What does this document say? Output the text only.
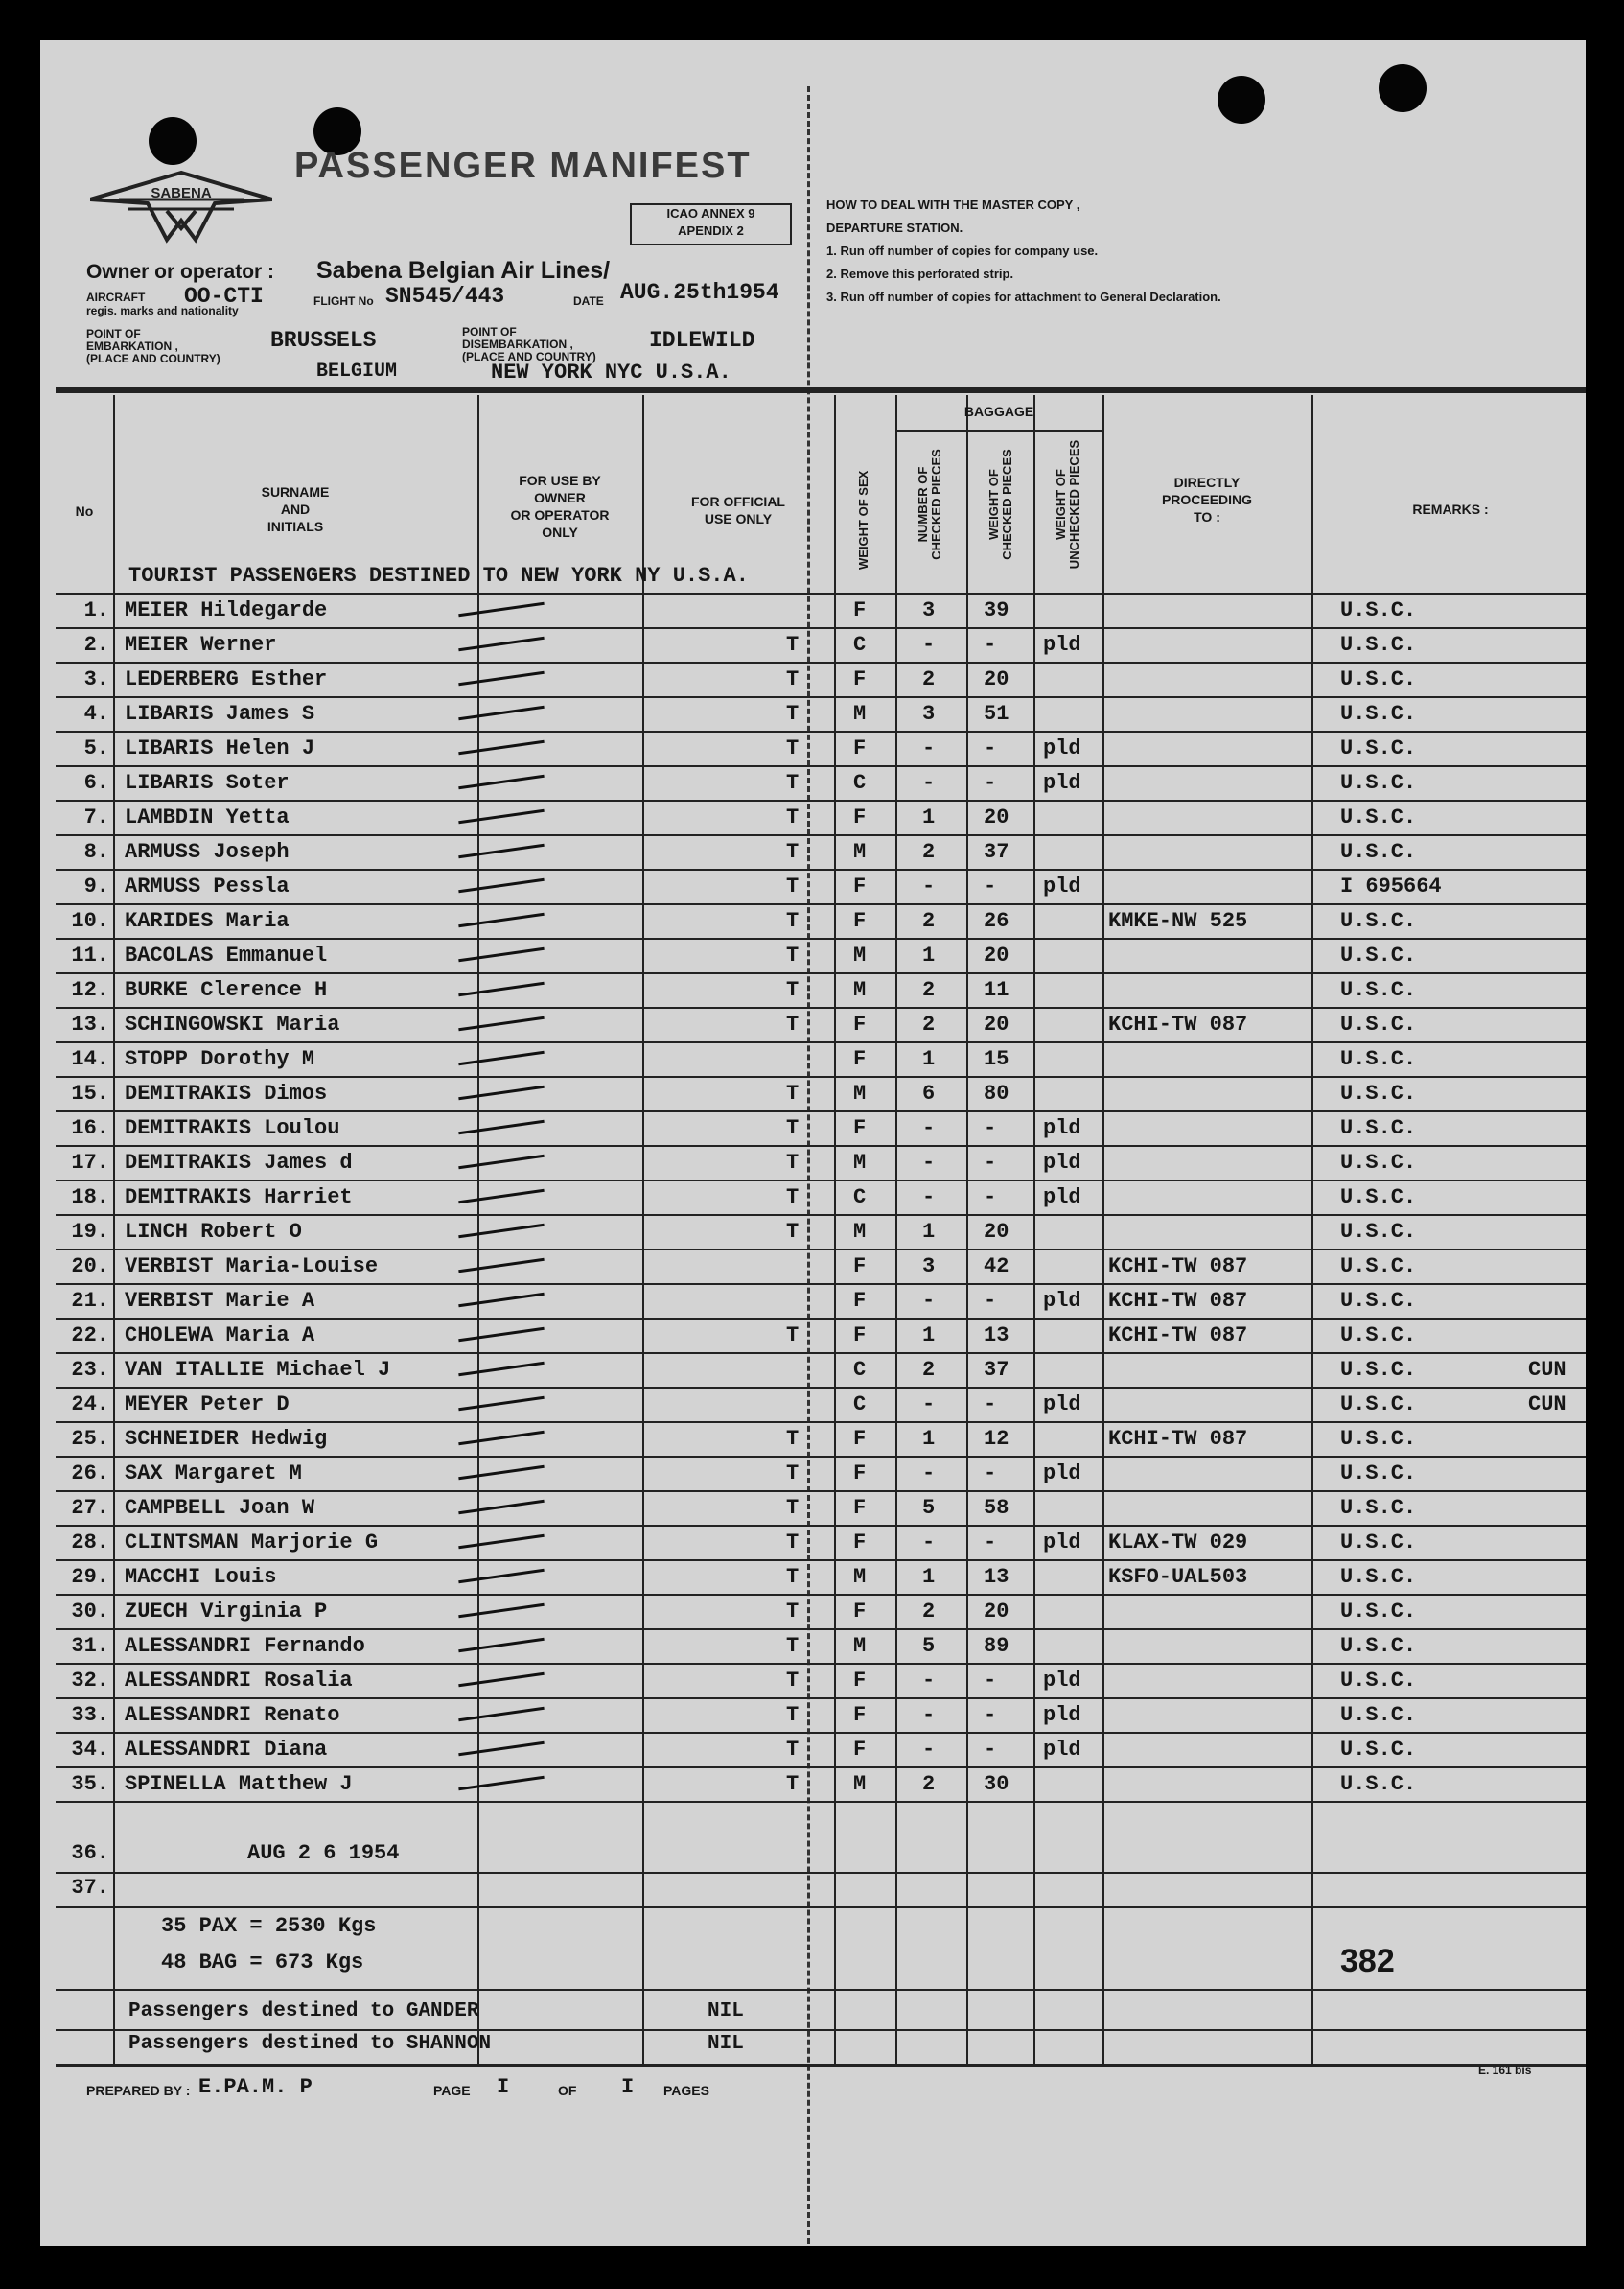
SABENA
PASSENGER MANIFEST
ICAO ANNEX 9
APENDIX 2
Owner or operator : Sabena Belgian Air Lines/
AIRCRAFT
regis. marks and nationality
OO-CTI	FLIGHT No SN545/443	DATE AUG.25th1954
POINT OF
EMBARKATION ,
(PLACE AND COUNTRY)
BRUSSELS
BELGIUM
POINT OF
DISEMBARKATION ,
(PLACE AND COUNTRY)
IDLEWILD
NEW YORK NYC U.S.A.
HOW TO DEAL WITH THE MASTER COPY ,
DEPARTURE STATION.
1. Run off number of copies for company use.
2. Remove this perforated strip.
3. Run off number of copies for attachment to General Declaration.
No
SURNAME
AND
INITIALS
FOR USE BY
OWNER
OR OPERATOR
ONLY
FOR OFFICIAL
USE ONLY	WEIGHT OF SEX
BAGGAGE
NUMBER OF CHECKED PIECES	WEIGHT OF CHECKED PIECES	WEIGHT OF UNCHECKED PIECES	DIRECTLY
PROCEEDING
TO :	REMARKS :
TOURIST PASSENGERS DESTINED TO NEW YORK NY U.S.A.
1. MEIER Hildegarde	F	3 39	U.S.C.
2. MEIER Werner	T	C	- - pld	U.S.C.
3. LEDERBERG Esther	T	F	2 20	U.S.C.
4. LIBARIS James S	T	M	3 51	U.S.C.
5. LIBARIS Helen J	T	F	- - pld	U.S.C.
6. LIBARIS Soter	T	C	- - pld	U.S.C.
7. LAMBDIN Yetta	T	F	1 20	U.S.C.
8. ARMUSS Joseph	T	M	2 37	U.S.C.
9. ARMUSS Pessla	T	F	- - pld	I 695664
10. KARIDES Maria	T	F	2 26	KMKE-NW 525	U.S.C.
11. BACOLAS Emmanuel	T	M	1 20	U.S.C.
12. BURKE Clerence H	T	M	2 11	U.S.C.
13. SCHINGOWSKI Maria	T	F	2 20	KCHI-TW 087	U.S.C.
14. STOPP Dorothy M	F	1 15	U.S.C.
15. DEMITRAKIS Dimos	T	M	6 80	U.S.C.
16. DEMITRAKIS Loulou	T	F	- - pld	U.S.C.
17. DEMITRAKIS James d	T	M	- - pld	U.S.C.
18. DEMITRAKIS Harriet	T	C	- - pld	U.S.C.
19. LINCH Robert O	T	M	1 20	U.S.C.
20. VERBIST Maria-Louise	F	3 42	KCHI-TW 087	U.S.C.
21. VERBIST Marie A	F	- - pld KCHI-TW 087	U.S.C.
22. CHOLEWA Maria A	T	F	1 13	KCHI-TW 087	U.S.C.
23. VAN ITALLIE Michael J	C	2 37	U.S.C.	CUN
24. MEYER Peter D	C	- - pld	U.S.C.	CUN
25. SCHNEIDER Hedwig	T	F	1 12	KCHI-TW 087	U.S.C.
26. SAX Margaret M	T	F	- - pld	U.S.C.
27. CAMPBELL Joan W	T	F	5 58	U.S.C.
28. CLINTSMAN Marjorie G	T	F	- - pld KLAX-TW 029	U.S.C.
29. MACCHI Louis	T	M	1 13	KSFO-UAL503	U.S.C.
30. ZUECH Virginia P	T	F	2 20	U.S.C.
31. ALESSANDRI Fernando	T	M	5 89	U.S.C.
32. ALESSANDRI Rosalia	T	F	- - pld	U.S.C.
33. ALESSANDRI Renato	T	F	- - pld	U.S.C.
34. ALESSANDRI Diana	T	F	- - pld	U.S.C.
35. SPINELLA Matthew J	T	M	2 30	U.S.C.
36.	AUG 2 6 1954
37.
35 PAX = 2530 Kgs
48 BAG = 673 Kgs	382
Passengers destined to GANDER	NIL
Passengers destined to SHANNON	NIL
PREPARED BY : E.PA.M. P	PAGE I	OF I PAGES
E. 161 bis
